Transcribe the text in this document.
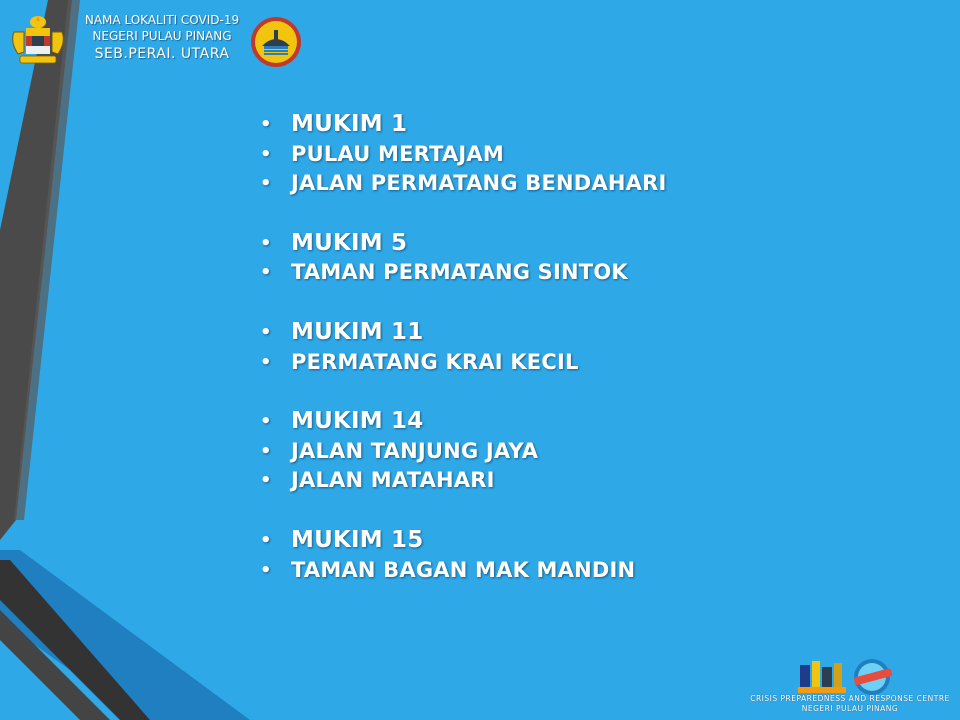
NAMA LOKALITI COVID-19
NEGERI PULAU PINANG
SEB.PERAI. UTARA
• MUKIM 1
• PULAU MERTAJAM
• JALAN PERMATANG BENDAHARI
• MUKIM 5
• TAMAN PERMATANG SINTOK
• MUKIM 11
• PERMATANG KRAI KECIL
• MUKIM 14
• JALAN TANJUNG JAYA
• JALAN MATAHARI
• MUKIM 15
• TAMAN BAGAN MAK MANDIN
CRISIS PREPAREDNESS AND RESPONSE CENTRE
NEGERI PULAU PINANG
